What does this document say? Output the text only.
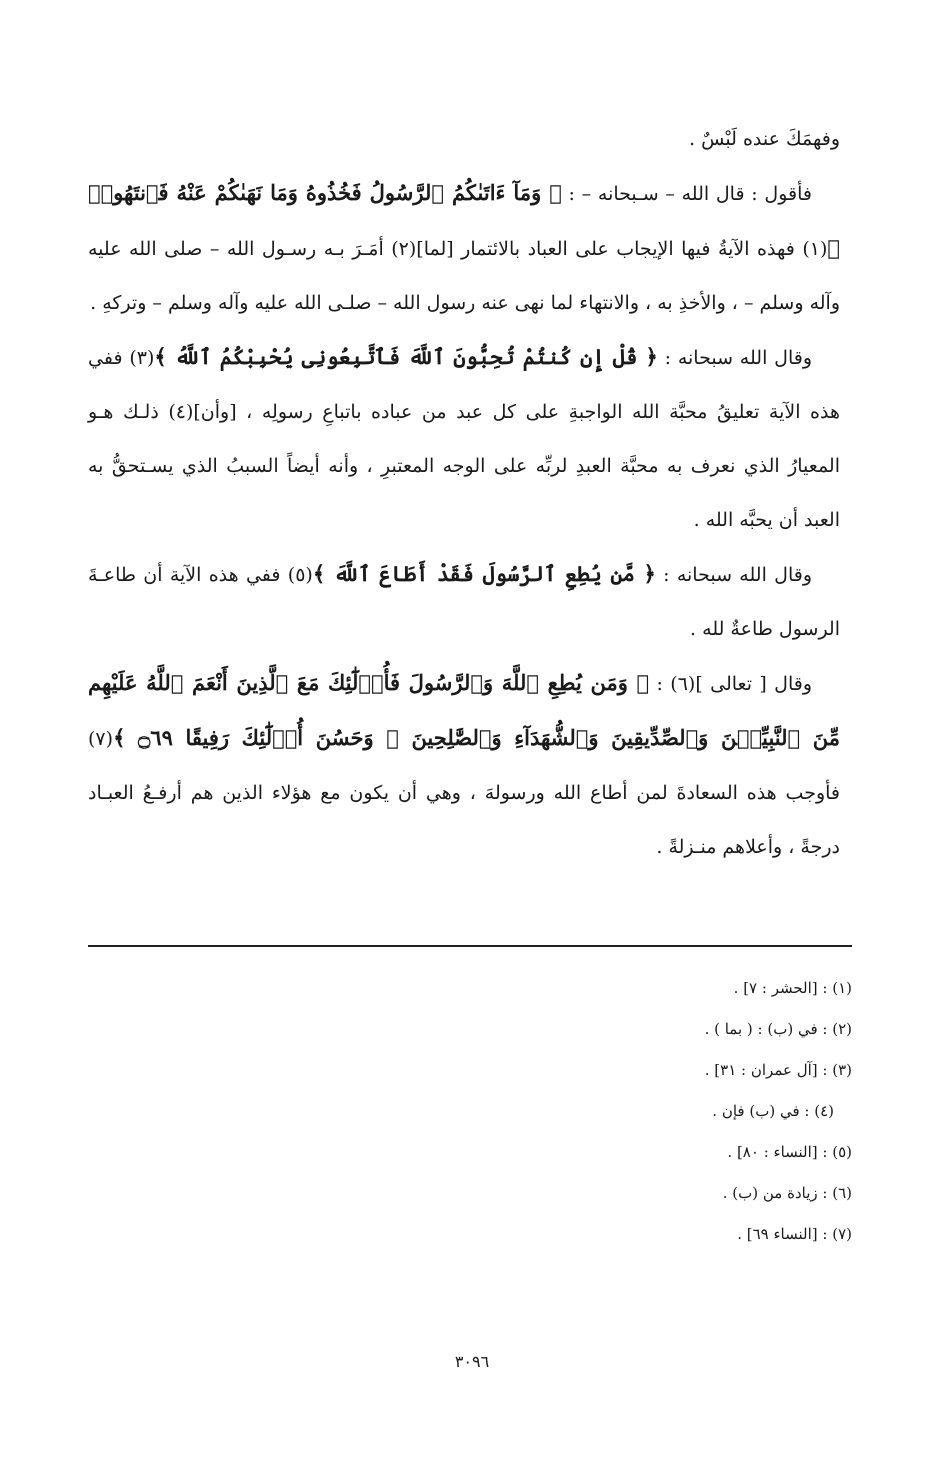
وفهمَكَ عنده لَبْسٌ .

فأقول : قال الله – سـبحانه – : ﴿ وَمَآ ءَاتَىٰكُمُ ٱلرَّسُولُ فَخُذُوهُ وَمَا نَهَىٰكُمْ عَنْهُ فَٱنتَهُوا۟ ﴾(١) فهذه الآيةُ فيها الإيجاب على العباد بالائتمار [لما](٢) أمَـرَ بـه رسـول الله – صلى الله عليه وآله وسلم – ، والأخذِ به ، والانتهاء لما نهى عنه رسول الله – صلـى الله عليه وآله وسلم – وتركهِ .

وقال الله سبحانه : ﴿ قُلْ إِن كُنتُمْ تُحِبُّونَ ٱللَّهَ فَٱتَّبِعُونِى يُحْبِبْكُمُ ٱللَّهُ ﴾(٣) ففي هذه الآية تعليقُ محبَّة الله الواجبةِ على كل عبد من عباده باتباعِ رسولِه ، [وأن](٤) ذلـك هـو المعيارُ الذي نعرف به محبَّة العبدِ لربِّه على الوجه المعتبرِ ، وأنه أيضاً السببُ الذي يسـتحقُّ به العبد أن يحبَّه الله .

وقال الله سبحانه : ﴿ مَّن يُطِعِ ٱلرَّسُولَ فَقَدْ أَطَاعَ ٱللَّهَ ﴾(٥) ففي هذه الآية أن طاعـةَ الرسول طاعةٌ لله .

وقال [ تعالى ](٦) : ﴿ وَمَن يُطِعِ ٱللَّهَ وَٱلرَّسُولَ فَأُو۟لَٰٓئِكَ مَعَ ٱلَّذِينَ أَنْعَمَ ٱللَّهُ عَلَيْهِم مِّنَ ٱلنَّبِيِّـۧنَ وَٱلصِّدِّيقِينَ وَٱلشُّهَدَآءِ وَٱلصَّٰلِحِينَ ۚ وَحَسُنَ أُو۟لَٰٓئِكَ رَفِيقًا ۝٦٩ ﴾(٧) فأوجب هذه السعادةَ لمن أطاع الله ورسولهَ ، وهي أن يكون مع هؤلاء الذين هم أرفـعُ العبـاد درجةً ، وأعلاهم منـزلةً .

(١) : [الحشر : ٧] .

(٢) : في (ب) : ( بما ) .

(٣) : [آل عمران : ٣١] .

(٤) : في (ب) فإن .

(٥) : [النساء : ٨٠] .

(٦) : زيادة من (ب) .

(٧) : [النساء ٦٩] .

٣٠٩٦
